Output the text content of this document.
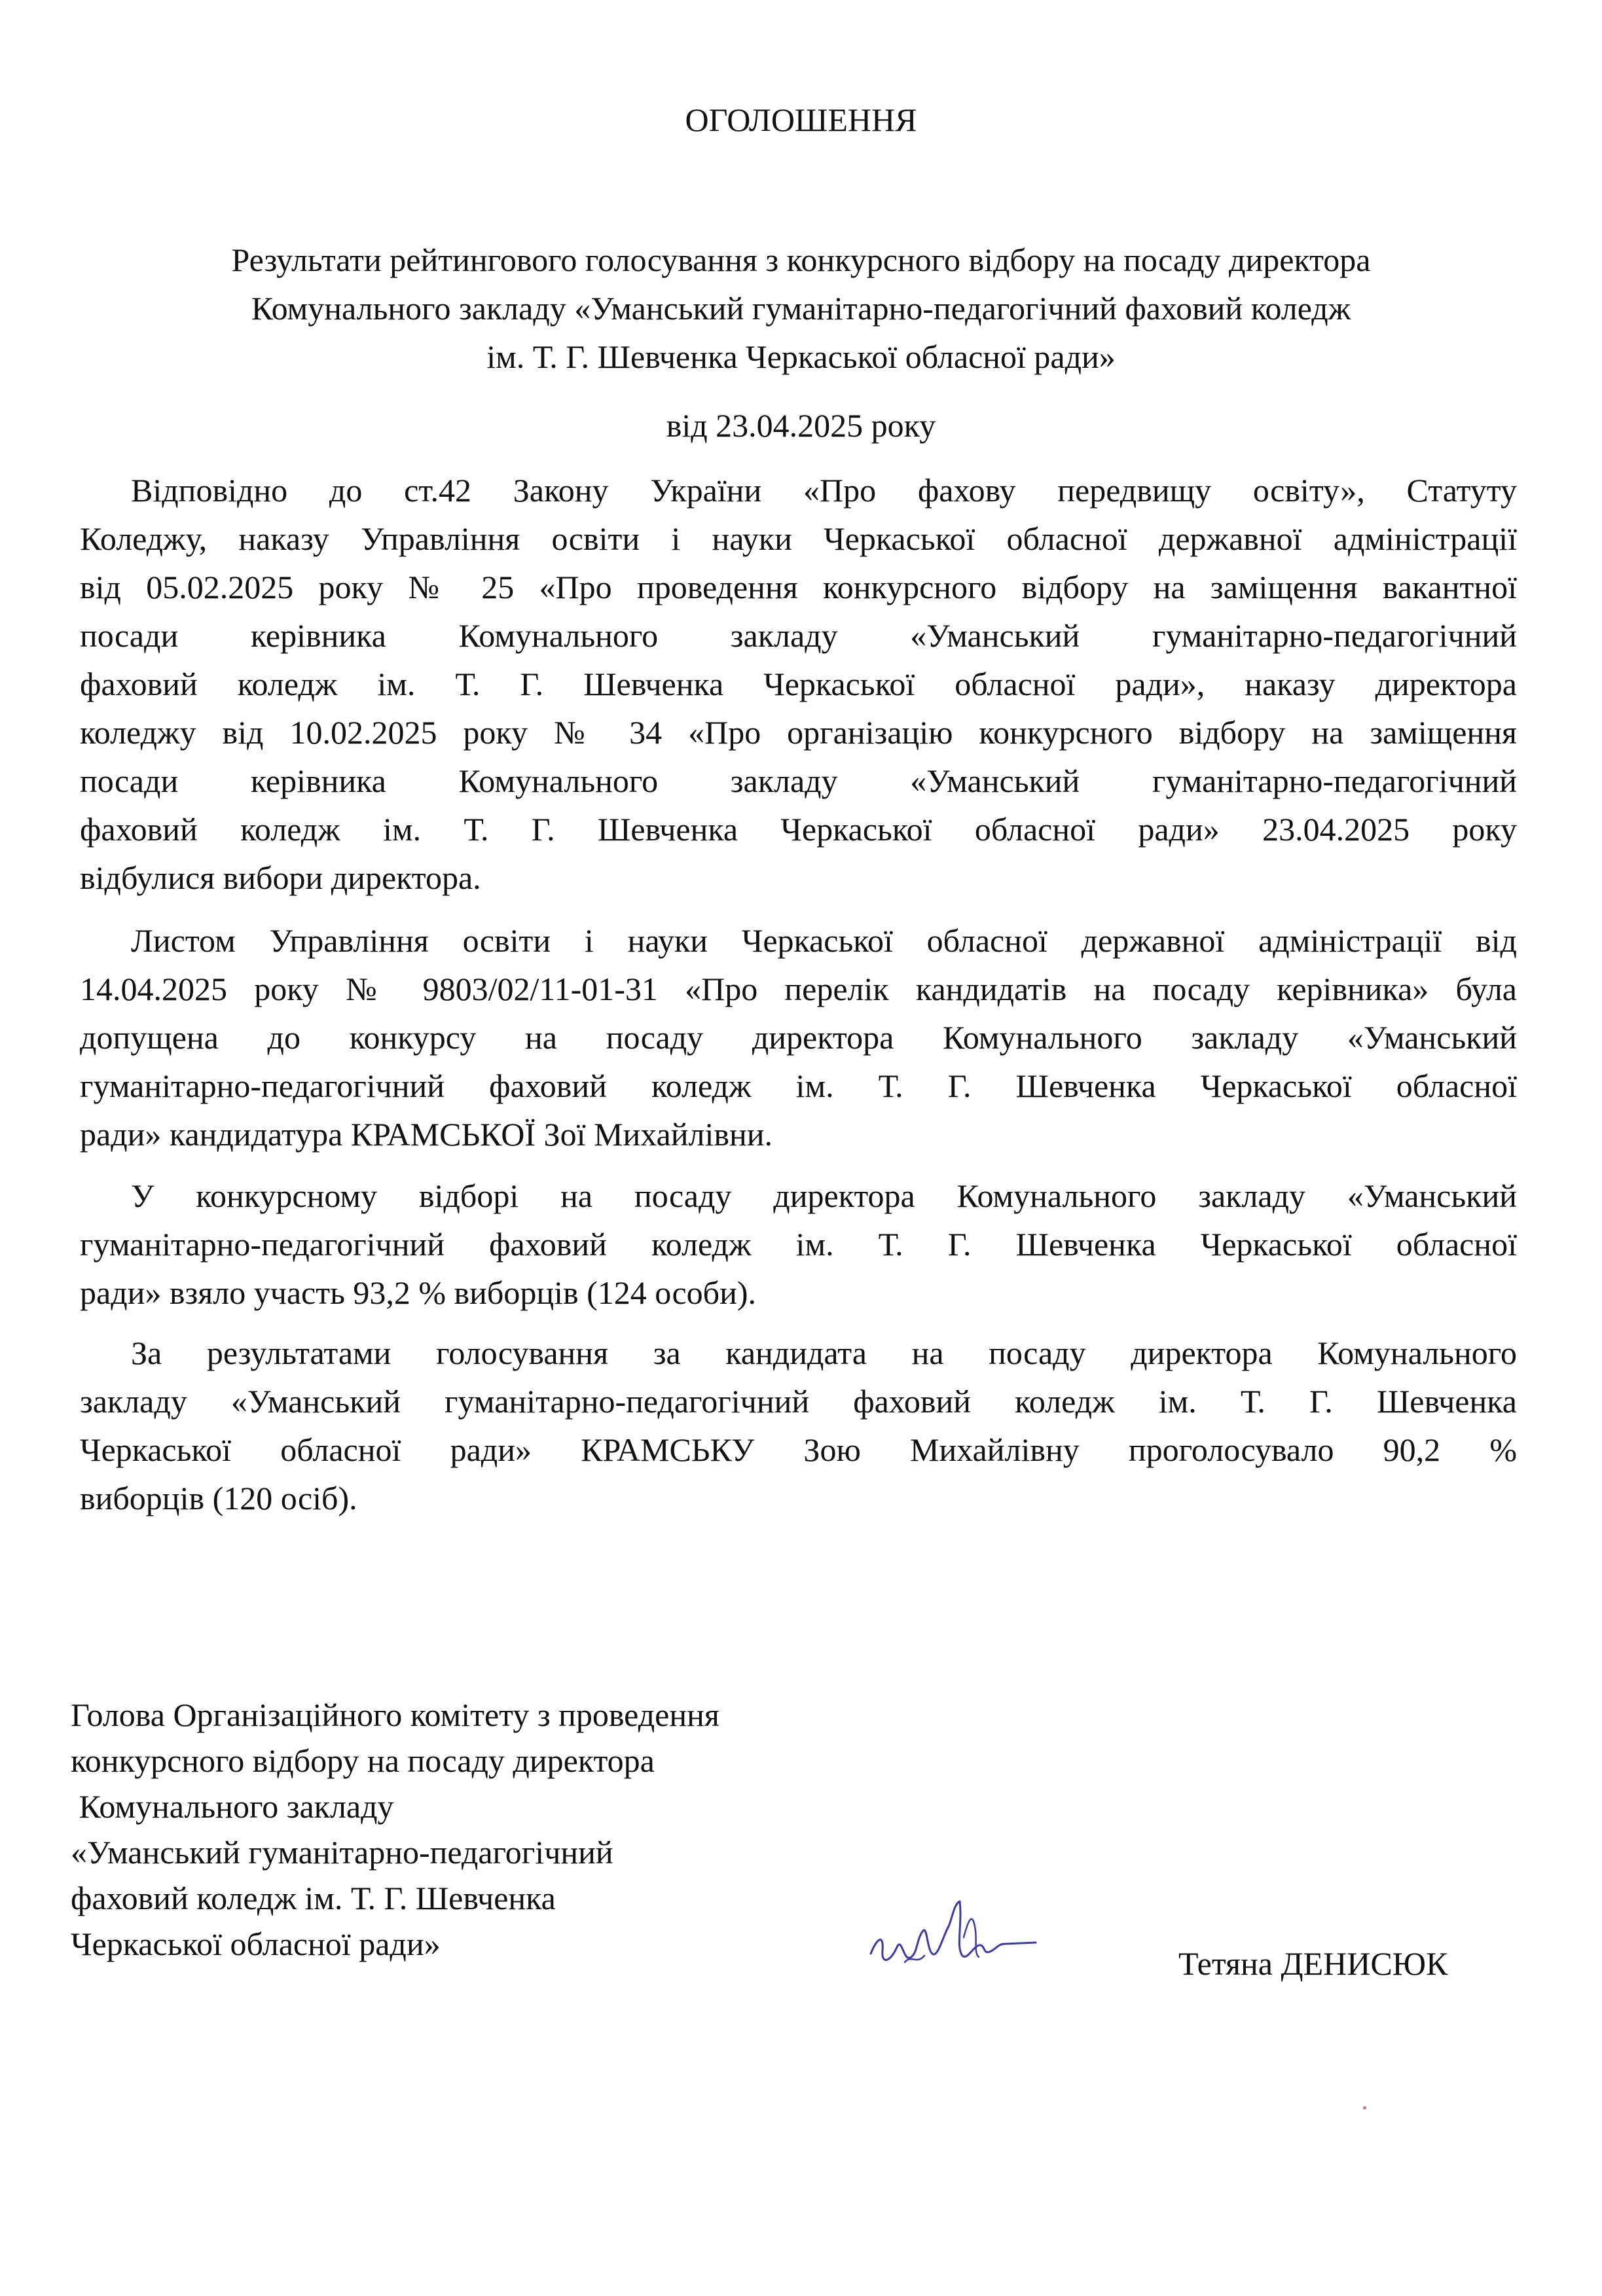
ОГОЛОШЕННЯ
Результати рейтингового голосування з конкурсного відбору на посаду директора
Комунального закладу «Уманський гуманітарно-педагогічний фаховий коледж
ім. Т. Г. Шевченка Черкаської обласної ради»

від 23.04.2025 року

Відповідно до ст.42 Закону України «Про фахову передвищу освіту», Статуту
Коледжу, наказу Управління освіти і науки Черкаської обласної державної адміністрації
від 05.02.2025 року № 25 «Про проведення конкурсного відбору на заміщення вакантної
посади керівника Комунального закладу «Уманський гуманітарно-педагогічний
фаховий коледж ім. Т. Г. Шевченка Черкаської обласної ради», наказу директора
коледжу від 10.02.2025 року № 34 «Про організацію конкурсного відбору на заміщення
посади керівника Комунального закладу «Уманський гуманітарно-педагогічний
фаховий коледж ім. Т. Г. Шевченка Черкаської обласної ради» 23.04.2025 року
відбулися вибори директора.
Листом Управління освіти і науки Черкаської обласної державної адміністрації від
14.04.2025 року № 9803/02/11-01-31 «Про перелік кандидатів на посаду керівника» була
допущена до конкурсу на посаду директора Комунального закладу «Уманський
гуманітарно-педагогічний фаховий коледж ім. Т. Г. Шевченка Черкаської обласної
ради» кандидатура КРАМСЬКОЇ Зої Михайлівни.
У конкурсному відборі на посаду директора Комунального закладу «Уманський
гуманітарно-педагогічний фаховий коледж ім. Т. Г. Шевченка Черкаської обласної
ради» взяло участь 93,2 % виборців (124 особи).
За результатами голосування за кандидата на посаду директора Комунального
закладу «Уманський гуманітарно-педагогічний фаховий коледж ім. Т. Г. Шевченка
Черкаської обласної ради» КРАМСЬКУ Зою Михайлівну проголосувало 90,2 %
виборців (120 осіб).
Голова Організаційного комітету з проведення
конкурсного відбору на посаду директора
Комунального закладу
«Уманський гуманітарно-педагогічний
фаховий коледж ім. Т. Г. Шевченка
Черкаської обласної ради»

Тетяна ДЕНИСЮК
